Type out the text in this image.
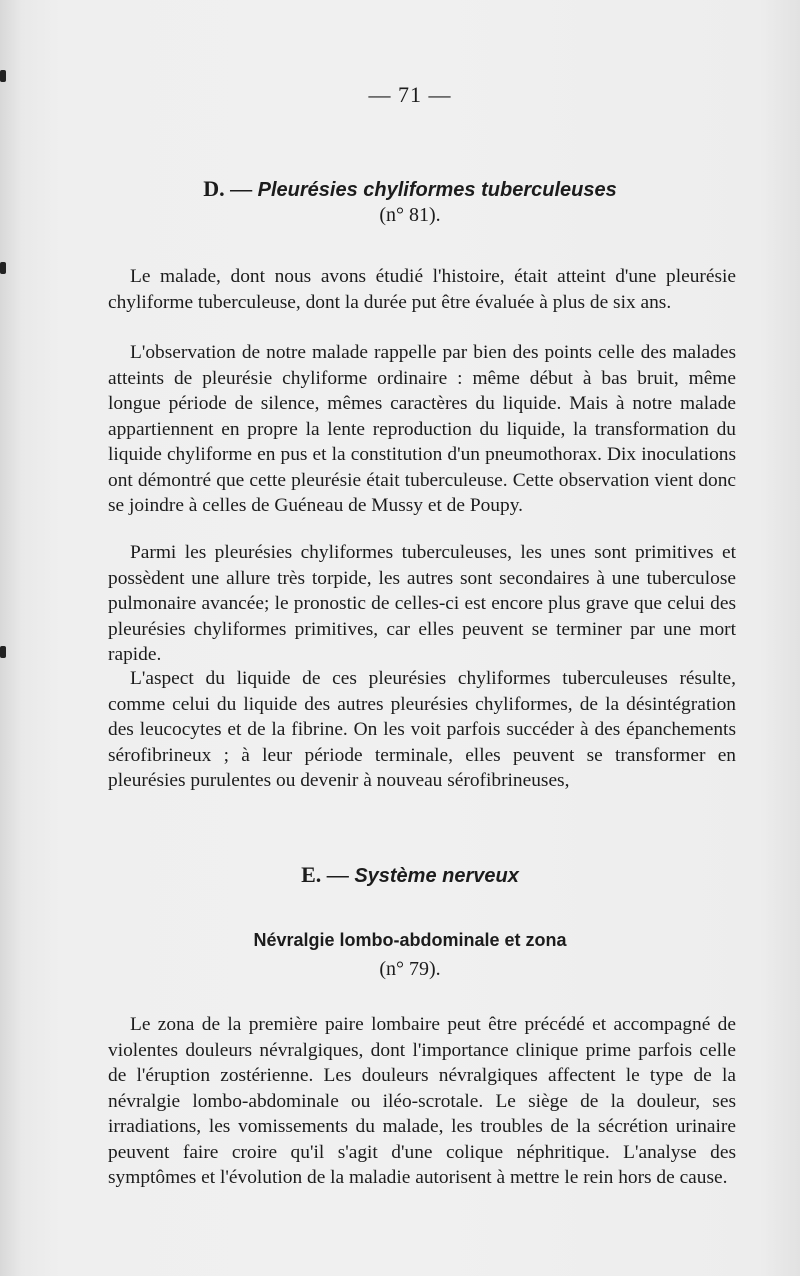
— 71 —
D. — Pleurésies chyliformes tuberculeuses
(n° 81).

Le malade, dont nous avons étudié l'histoire, était atteint d'une pleurésie chyliforme tuberculeuse, dont la durée put être évaluée à plus de six ans.

L'observation de notre malade rappelle par bien des points celle des malades atteints de pleurésie chyliforme ordinaire : même début à bas bruit, même longue période de silence, mêmes caractères du liquide. Mais à notre malade appartiennent en propre la lente reproduction du liquide, la transformation du liquide chyliforme en pus et la constitution d'un pneumothorax. Dix inoculations ont démontré que cette pleurésie était tuberculeuse. Cette observation vient donc se joindre à celles de Guéneau de Mussy et de Poupy.

Parmi les pleurésies chyliformes tuberculeuses, les unes sont primitives et possèdent une allure très torpide, les autres sont secondaires à une tuberculose pulmonaire avancée; le pronostic de celles-ci est encore plus grave que celui des pleurésies chyliformes primitives, car elles peuvent se terminer par une mort rapide.

L'aspect du liquide de ces pleurésies chyliformes tuberculeuses résulte, comme celui du liquide des autres pleurésies chyliformes, de la désintégration des leucocytes et de la fibrine. On les voit parfois succéder à des épanchements sérofibrineux ; à leur période terminale, elles peuvent se transformer en pleurésies purulentes ou devenir à nouveau sérofibrineuses,

E. — Système nerveux
Névralgie lombo-abdominale et zona
(n° 79).

Le zona de la première paire lombaire peut être précédé et accompagné de violentes douleurs névralgiques, dont l'importance clinique prime parfois celle de l'éruption zostérienne. Les douleurs névralgiques affectent le type de la névralgie lombo-abdominale ou iléo-scrotale. Le siège de la douleur, ses irradiations, les vomissements du malade, les troubles de la sécrétion urinaire peuvent faire croire qu'il s'agit d'une colique néphritique. L'analyse des symptômes et l'évolution de la maladie autorisent à mettre le rein hors de cause.
